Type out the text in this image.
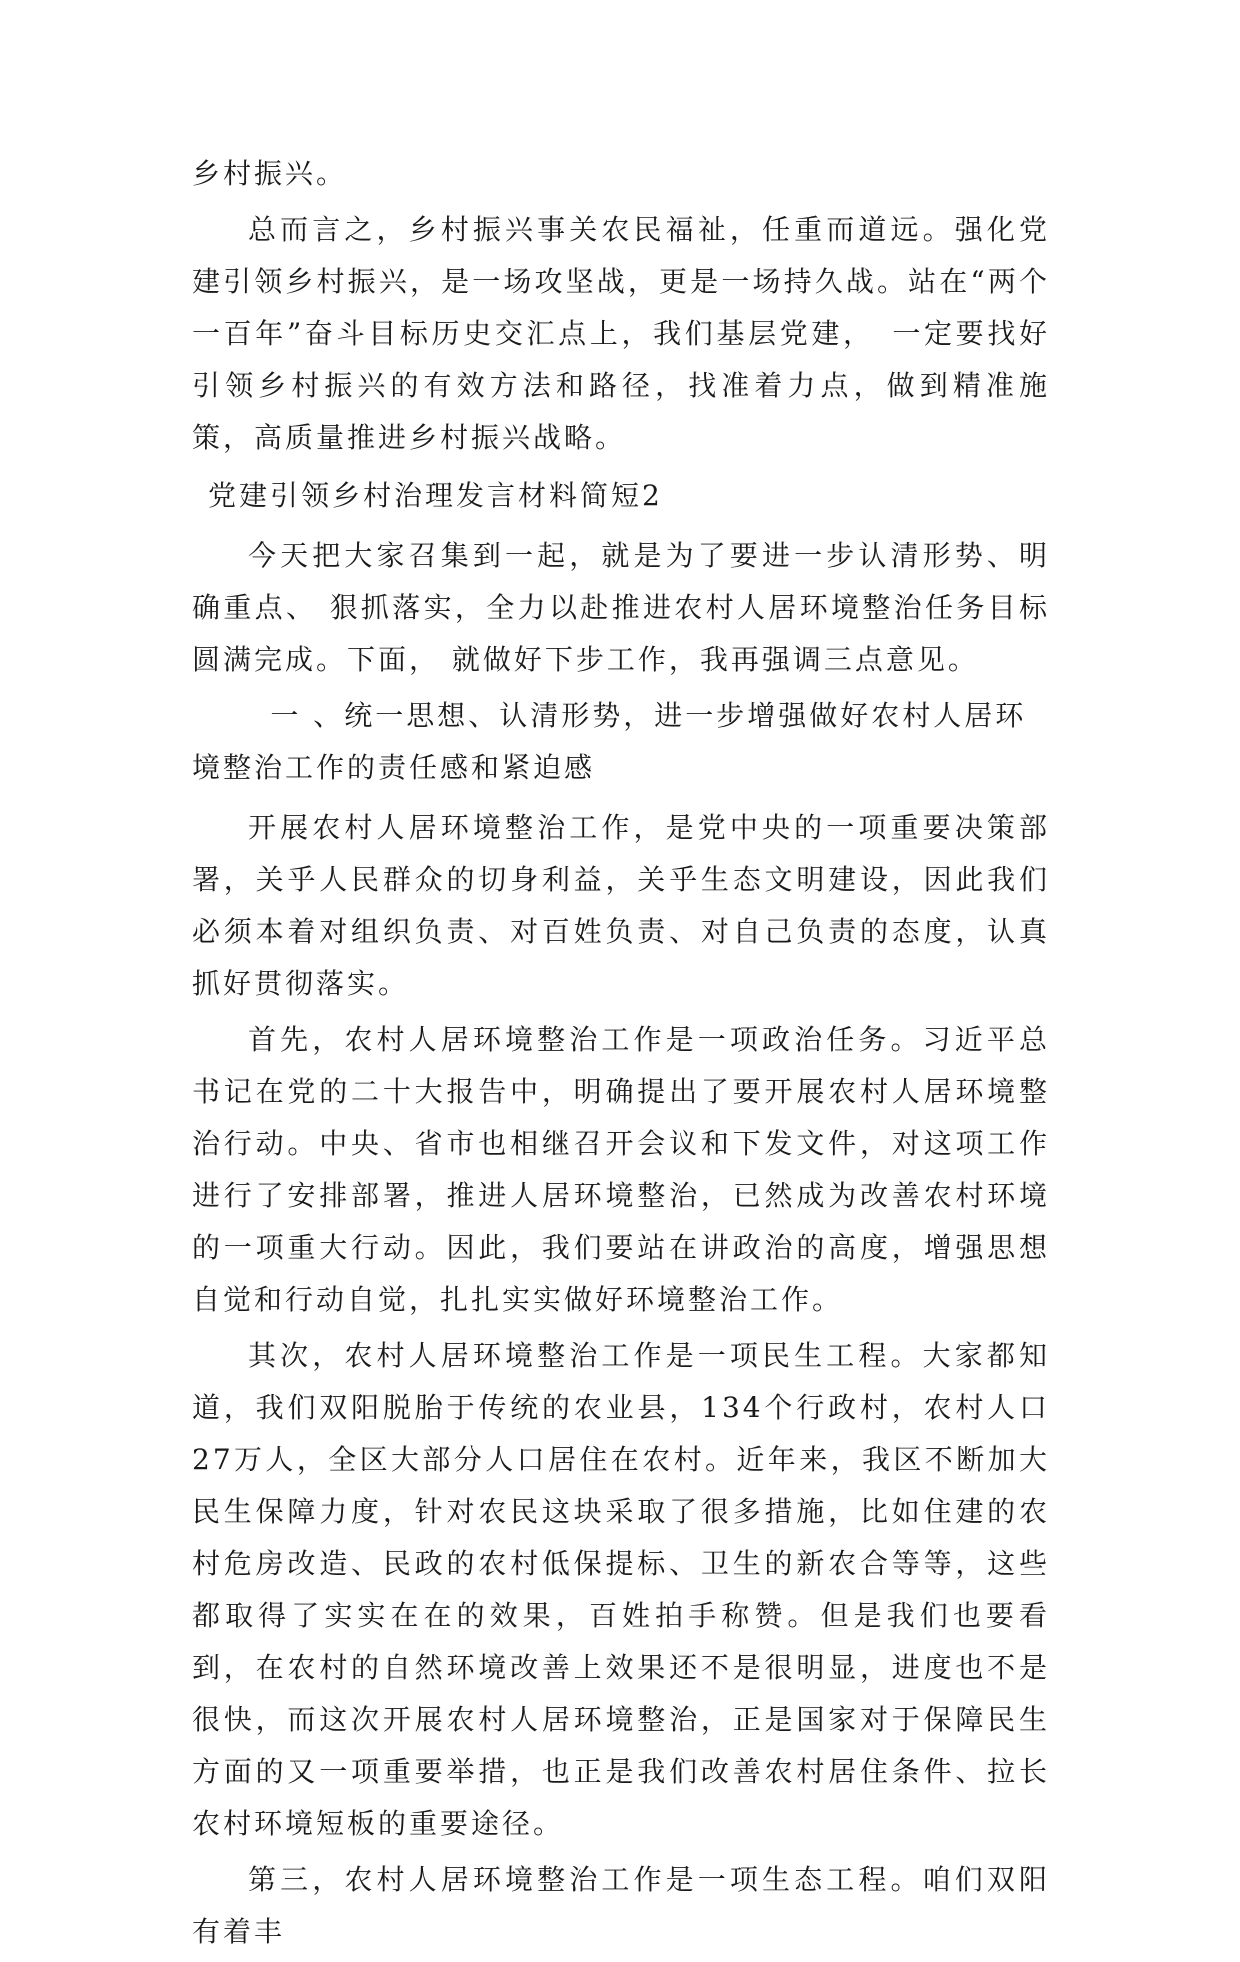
乡村振兴。

总而言之，乡村振兴事关农民福祉，任重而道远。强化党建引领乡村振兴，是一场攻坚战，更是一场持久战。站在“两个一百年”奋斗目标历史交汇点上，我们基层党建，　一定要找好引领乡村振兴的有效方法和路径，找准着力点，做到精准施策，高质量推进乡村振兴战略。

党建引领乡村治理发言材料简短2

今天把大家召集到一起，就是为了要进一步认清形势、明确重点、 狠抓落实，全力以赴推进农村人居环境整治任务目标圆满完成。下面， 就做好下步工作，我再强调三点意见。

一 、统一思想、认清形势，进一步增强做好农村人居环境整治工作的责任感和紧迫感

开展农村人居环境整治工作，是党中央的一项重要决策部署，关乎人民群众的切身利益，关乎生态文明建设，因此我们必须本着对组织负责、对百姓负责、对自己负责的态度，认真抓好贯彻落实。

首先，农村人居环境整治工作是一项政治任务。习近平总书记在党的二十大报告中，明确提出了要开展农村人居环境整治行动。中央、省市也相继召开会议和下发文件，对这项工作进行了安排部署，推进人居环境整治，已然成为改善农村环境的一项重大行动。因此，我们要站在讲政治的高度，增强思想自觉和行动自觉，扎扎实实做好环境整治工作。

其次，农村人居环境整治工作是一项民生工程。大家都知道，我们双阳脱胎于传统的农业县，134个行政村，农村人口27万人，全区大部分人口居住在农村。近年来，我区不断加大民生保障力度，针对农民这块采取了很多措施，比如住建的农村危房改造、民政的农村低保提标、卫生的新农合等等，这些都取得了实实在在的效果，百姓拍手称赞。但是我们也要看到，在农村的自然环境改善上效果还不是很明显，进度也不是很快，而这次开展农村人居环境整治，正是国家对于保障民生方面的又一项重要举措，也正是我们改善农村居住条件、拉长农村环境短板的重要途径。

第三，农村人居环境整治工作是一项生态工程。咱们双阳有着丰
